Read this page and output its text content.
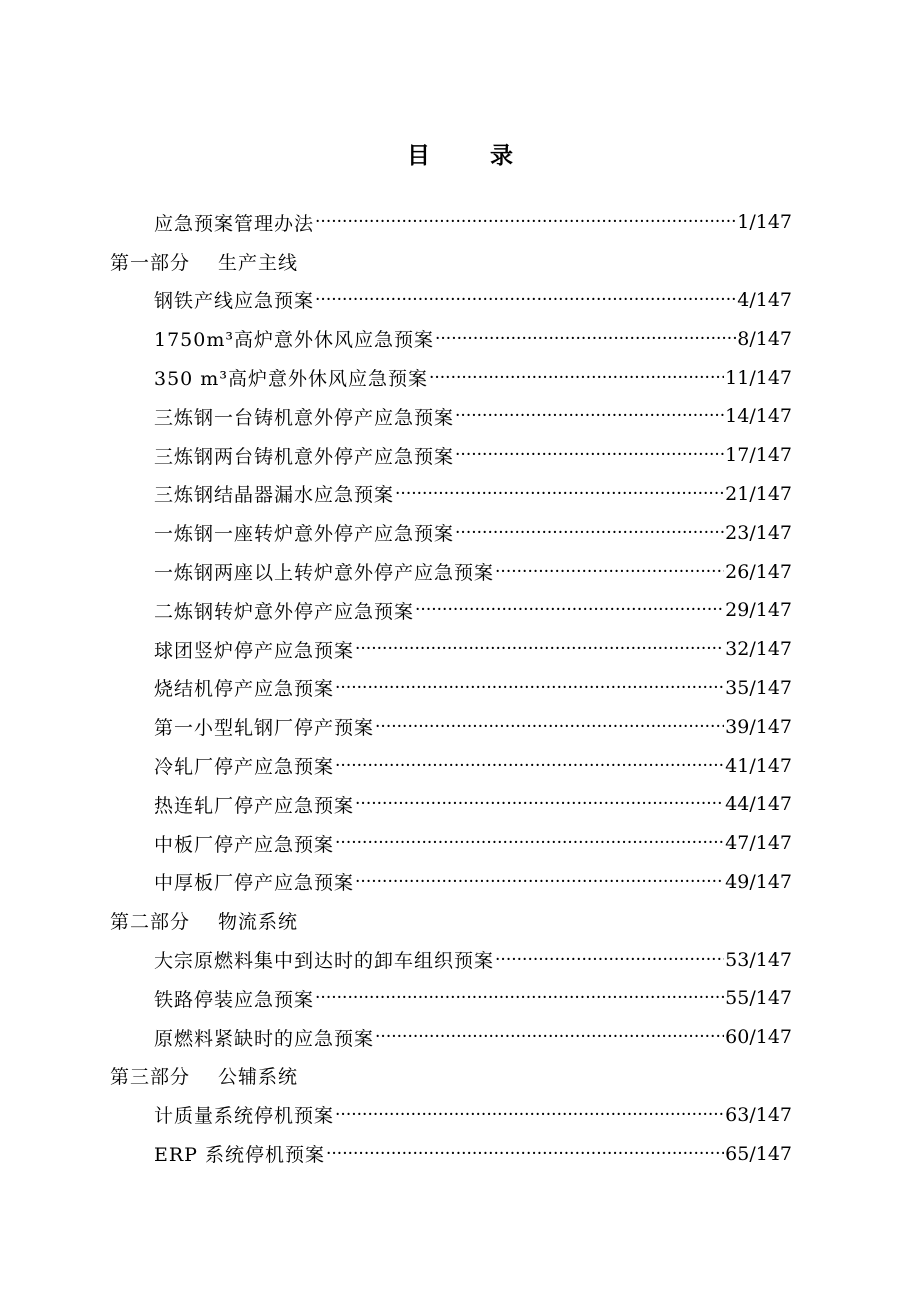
目 录
应急预案管理办法 ·····	1/147
第一部分	生产主线
钢铁产线应急预案 ·····	4/147
1750m³高炉意外休风应急预案 ·····	8/147
350 m³高炉意外休风应急预案 ·····	11/147
三炼钢一台铸机意外停产应急预案 ·····	14/147
三炼钢两台铸机意外停产应急预案 ·····	17/147
三炼钢结晶器漏水应急预案 ·····	21/147
一炼钢一座转炉意外停产应急预案 ·····	23/147
一炼钢两座以上转炉意外停产应急预案 ·····	26/147
二炼钢转炉意外停产应急预案 ·····	29/147
球团竖炉停产应急预案 ·····	32/147
烧结机停产应急预案 ·····	35/147
第一小型轧钢厂停产预案 ·····	39/147
冷轧厂停产应急预案 ·····	41/147
热连轧厂停产应急预案 ·····	44/147
中板厂停产应急预案 ·····	47/147
中厚板厂停产应急预案 ·····	49/147
第二部分	物流系统
大宗原燃料集中到达时的卸车组织预案 ·····	53/147
铁路停装应急预案 ·····	55/147
原燃料紧缺时的应急预案 ·····	60/147
第三部分	公辅系统
计质量系统停机预案 ·····	63/147
ERP 系统停机预案 ·····	65/147
